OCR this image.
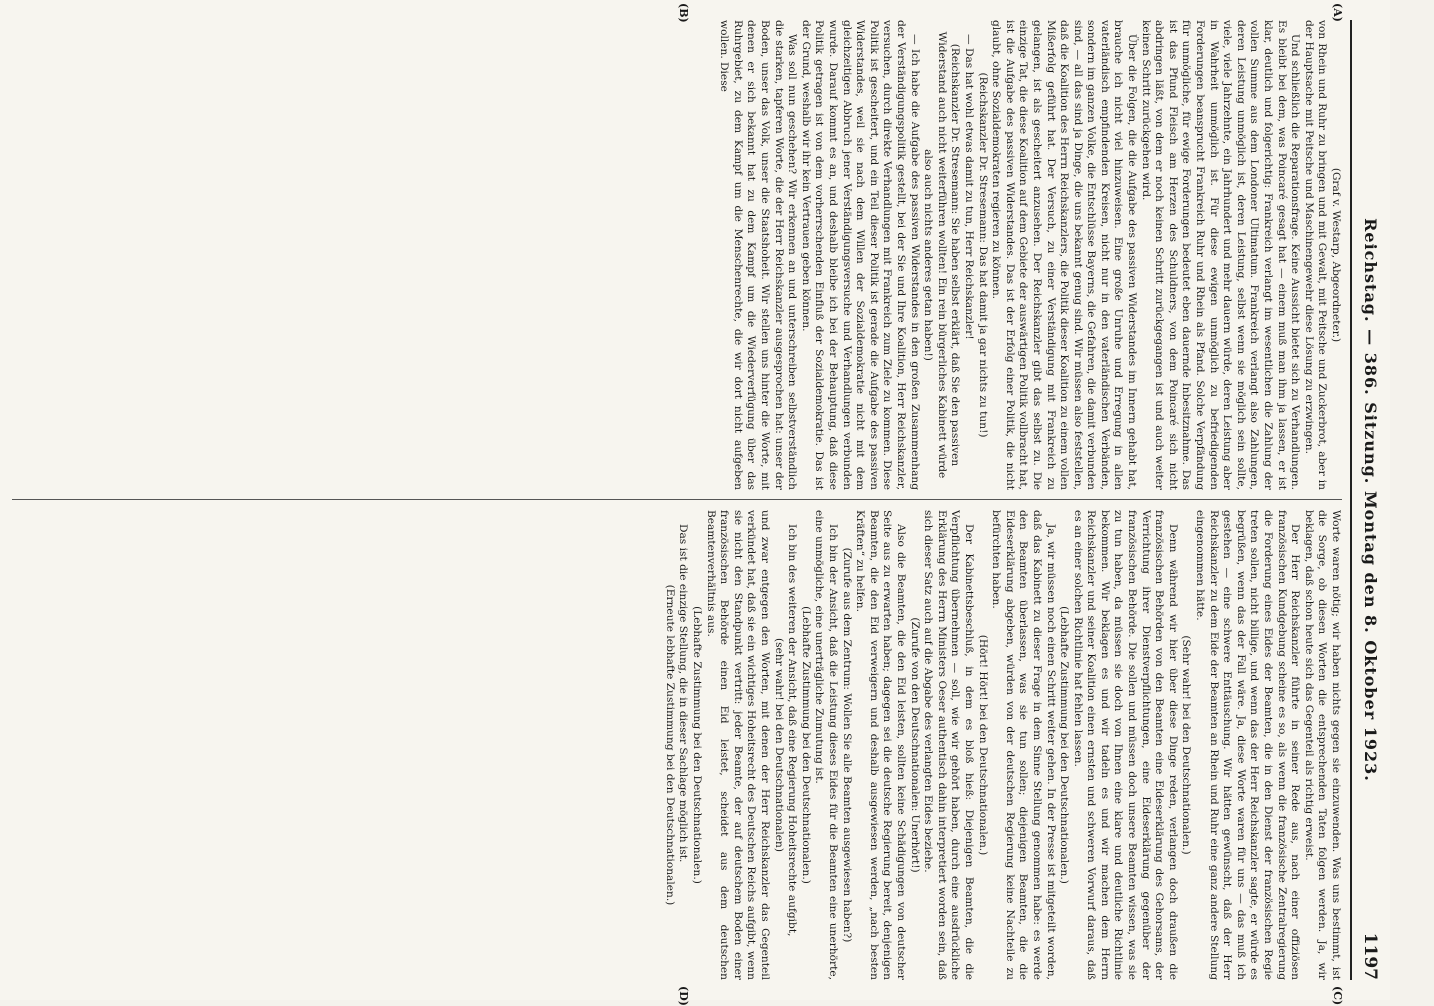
Reichstag. — 386. Sitzung. Montag den 8. Oktober 1923.
1197
(A)
(B)
(C)
(D)

(Graf v. Westarp, Abgeordneter.)

von Rhein und Ruhr zu bringen und mit Gewalt, mit Peitsche und Zuckerbrot, aber in der Hauptsache mit Peitsche und Maschinengewehr diese Lösung zu erzwingen.

Und schließlich die Reparationsfrage. Keine Aussicht bietet sich zu Verhandlungen. Es bleibt bei dem, was Poincaré gesagt hat — einem muß man ihm ja lassen, er ist klar, deutlich und folgerichtig: Frankreich verlangt im wesentlichen die Zahlung der vollen Summe aus dem Londoner Ultimatum. Frankreich verlangt also Zahlungen, deren Leistung unmöglich ist, deren Leistung, selbst wenn sie möglich sein sollte, viele, viele Jahrzehnte, ein Jahrhundert und mehr dauern würde, deren Leistung aber in Wahrheit unmöglich ist. Für diese ewigen unmöglich zu befriedigenden Forderungen beansprucht Frankreich Ruhr und Rhein als Pfand. Solche Verpfändung für unmögliche, für ewige Forderungen bedeutet eben dauernde Inbesitznahme. Das ist das Pfund Fleisch am Herzen des Schuldners, von dem Poincaré sich nicht abdringen läßt, von dem er noch keinen Schritt zurückgegangen ist und auch weiter keinen Schritt zurückgehen wird.

Über die Folgen, die die Aufgabe des passiven Widerstandes im Innern gehabt hat, brauche ich nicht viel hinzuweisen. Eine große Unruhe und Erregung in allen vaterländisch empfindenden Kreisen, nicht nur in den vaterländischen Verbänden, sondern im ganzen Volke, die Entschlüsse Bayerns, die Gefahren, die damit verbunden sind, — all das sind ja Dinge, die uns bekannt genug sind. Wir müssen also feststellen, daß die Koalition des Herrn Reichskanzlers, die Politik dieser Koalition zu einem vollen Mißerfolg geführt hat. Der Versuch, zu einer Verständigung mit Frankreich zu gelangen, ist als gescheitert anzusehen. Der Reichskanzler gibt das selbst zu. Die einzige Tat, die diese Koalition auf dem Gebiete der auswärtigen Politik vollbracht hat, ist die Aufgabe des passiven Widerstandes. Das ist der Erfolg einer Politik, die nicht glaubt, ohne Sozialdemokraten regieren zu können.

(Reichskanzler Dr. Stresemann: Das hat damit ja gar nichts zu tun!)

— Das hat wohl etwas damit zu tun, Herr Reichskanzler!

(Reichskanzler Dr. Stresemann: Sie haben selbst erklärt, daß Sie den passiven Widerstand auch nicht weiterführen wollten! Ein rein bürgerliches Kabinett würde also auch nichts anderes getan haben!)

— Ich habe die Aufgabe des passiven Widerstandes in den großen Zusammenhang der Verständigungspolitik gestellt, bei der Sie und Ihre Koalition, Herr Reichskanzler, versuchen, durch direkte Verhandlungen mit Frankreich zum Ziele zu kommen. Diese Politik ist gescheitert, und ein Teil dieser Politik ist gerade die Aufgabe des passiven Widerstandes, weil sie nach dem Willen der Sozialdemokratie nicht mit dem gleichzeitigen Abbruch jener Verständigungsversuche und Verhandlungen verbunden wurde. Darauf kommt es an, und deshalb bleibe ich bei der Behauptung, daß diese Politik getragen ist von dem vorherrschenden Einfluß der Sozialdemokratie. Das ist der Grund, weshalb wir ihr kein Vertrauen geben können.

Was soll nun geschehen? Wir erkennen an und unterschreiben selbstverständlich die starken, tapferen Worte, die der Herr Reichskanzler ausgesprochen hat: unser der Boden, unser das Volk, unser die Staatshoheit. Wir stellen uns hinter die Worte, mit denen er sich bekannt hat zu dem Kampf um die Wiederverfügung über das Ruhrgebiet, zu dem Kampf um die Menschenrechte, die wir dort nicht aufgeben wollen. Diese

Worte waren nötig; wir haben nichts gegen sie einzuwenden. Was uns bestimmt, ist die Sorge, ob diesen Worten die entsprechenden Taten folgen werden. Ja, wir beklagen, daß schon heute sich das Gegenteil als richtig erweist.

Der Herr Reichskanzler führte in seiner Rede aus, nach einer offiziösen französischen Kundgebung scheine es so, als wenn die französische Zentralregierung die Forderung eines Eides der Beamten, die in den Dienst der französischen Regie treten sollen, nicht billige, und wenn das der Herr Reichskanzler sagte, er würde es begrüßen, wenn das der Fall wäre. Ja, diese Worte waren für uns — das muß ich gestehen — eine schwere Enttäuschung. Wir hätten gewünscht, daß der Herr Reichskanzler zu dem Eide der Beamten an Rhein und Ruhr eine ganz andere Stellung eingenommen hätte.

(Sehr wahr! bei den Deutschnationalen.)

Denn während wir hier über diese Dinge reden, verlangen doch draußen die französischen Behörden von den Beamten eine Eideserklärung des Gehorsams, der Verrichtung ihrer Dienstverpflichtungen, eine Eideserklärung gegenüber der französischen Behörde. Die sollen und müssen doch unsere Beamten wissen, was sie zu tun haben, da müssen sie doch von Ihnen eine klare und deutliche Richtlinie bekommen. Wir beklagen es und wir tadeln es und wir machen dem Herrn Reichskanzler und seiner Koalition einen ernsten und schweren Vorwurf daraus, daß es an einer solchen Richtlinie hat fehlen lassen.

(Lebhafte Zustimmung bei den Deutschnationalen.)

Ja, wir müssen noch einen Schritt weiter gehen. In der Presse ist mitgeteilt worden, daß das Kabinett zu dieser Frage in dem Sinne Stellung genommen habe: es werde den Beamten überlassen, was sie tun sollen; diejenigen Beamten, die die Eideserklärung abgeben, würden von der deutschen Regierung keine Nachteile zu befürchten haben.

(Hört! Hört! bei den Deutschnationalen.)

Der Kabinettsbeschluß, in dem es bloß hieß: Diejenigen Beamten, die die Verpflichtung übernehmen — soll, wie wir gehört haben, durch eine ausdrückliche Erklärung des Herrn Ministers Oeser authentisch dahin interpretiert worden sein, daß sich dieser Satz auch auf die Abgabe des verlangten Eides beziehe.

(Zurufe von den Deutschnationalen: Unerhört!)

Also die Beamten, die den Eid leisten, sollten keine Schädigungen von deutscher Seite aus zu erwarten haben; dagegen sei die deutsche Regierung bereit, denjenigen Beamten, die den Eid verweigern und deshalb ausgewiesen werden, „nach besten Kräften“ zu helfen.

(Zurufe aus dem Zentrum: Wollen Sie alle Beamten ausgewiesen haben?)

Ich bin der Ansicht, daß die Leistung dieses Eides für die Beamten eine unerhörte, eine unmögliche, eine unerträgliche Zumutung ist.

(Lebhafte Zustimmung bei den Deutschnationalen.)

Ich bin des weiteren der Ansicht, daß eine Regierung Hoheitsrechte aufgibt,

(sehr wahr! bei den Deutschnationalen)

und zwar entgegen den Worten, mit denen der Herr Reichskanzler das Gegenteil verkündet hat, daß sie ein wichtiges Hoheitsrecht des Deutschen Reichs aufgibt, wenn sie nicht den Standpunkt vertritt: jeder Beamte, der auf deutschem Boden einer französischen Behörde einen Eid leistet, scheidet aus dem deutschen Beamtenverhältnis aus.

(Lebhafte Zustimmung bei den Deutschnationalen.)

Das ist die einzige Stellung, die in dieser Sachlage möglich ist.

(Erneute lebhafte Zustimmung bei den Deutschnationalen.)
